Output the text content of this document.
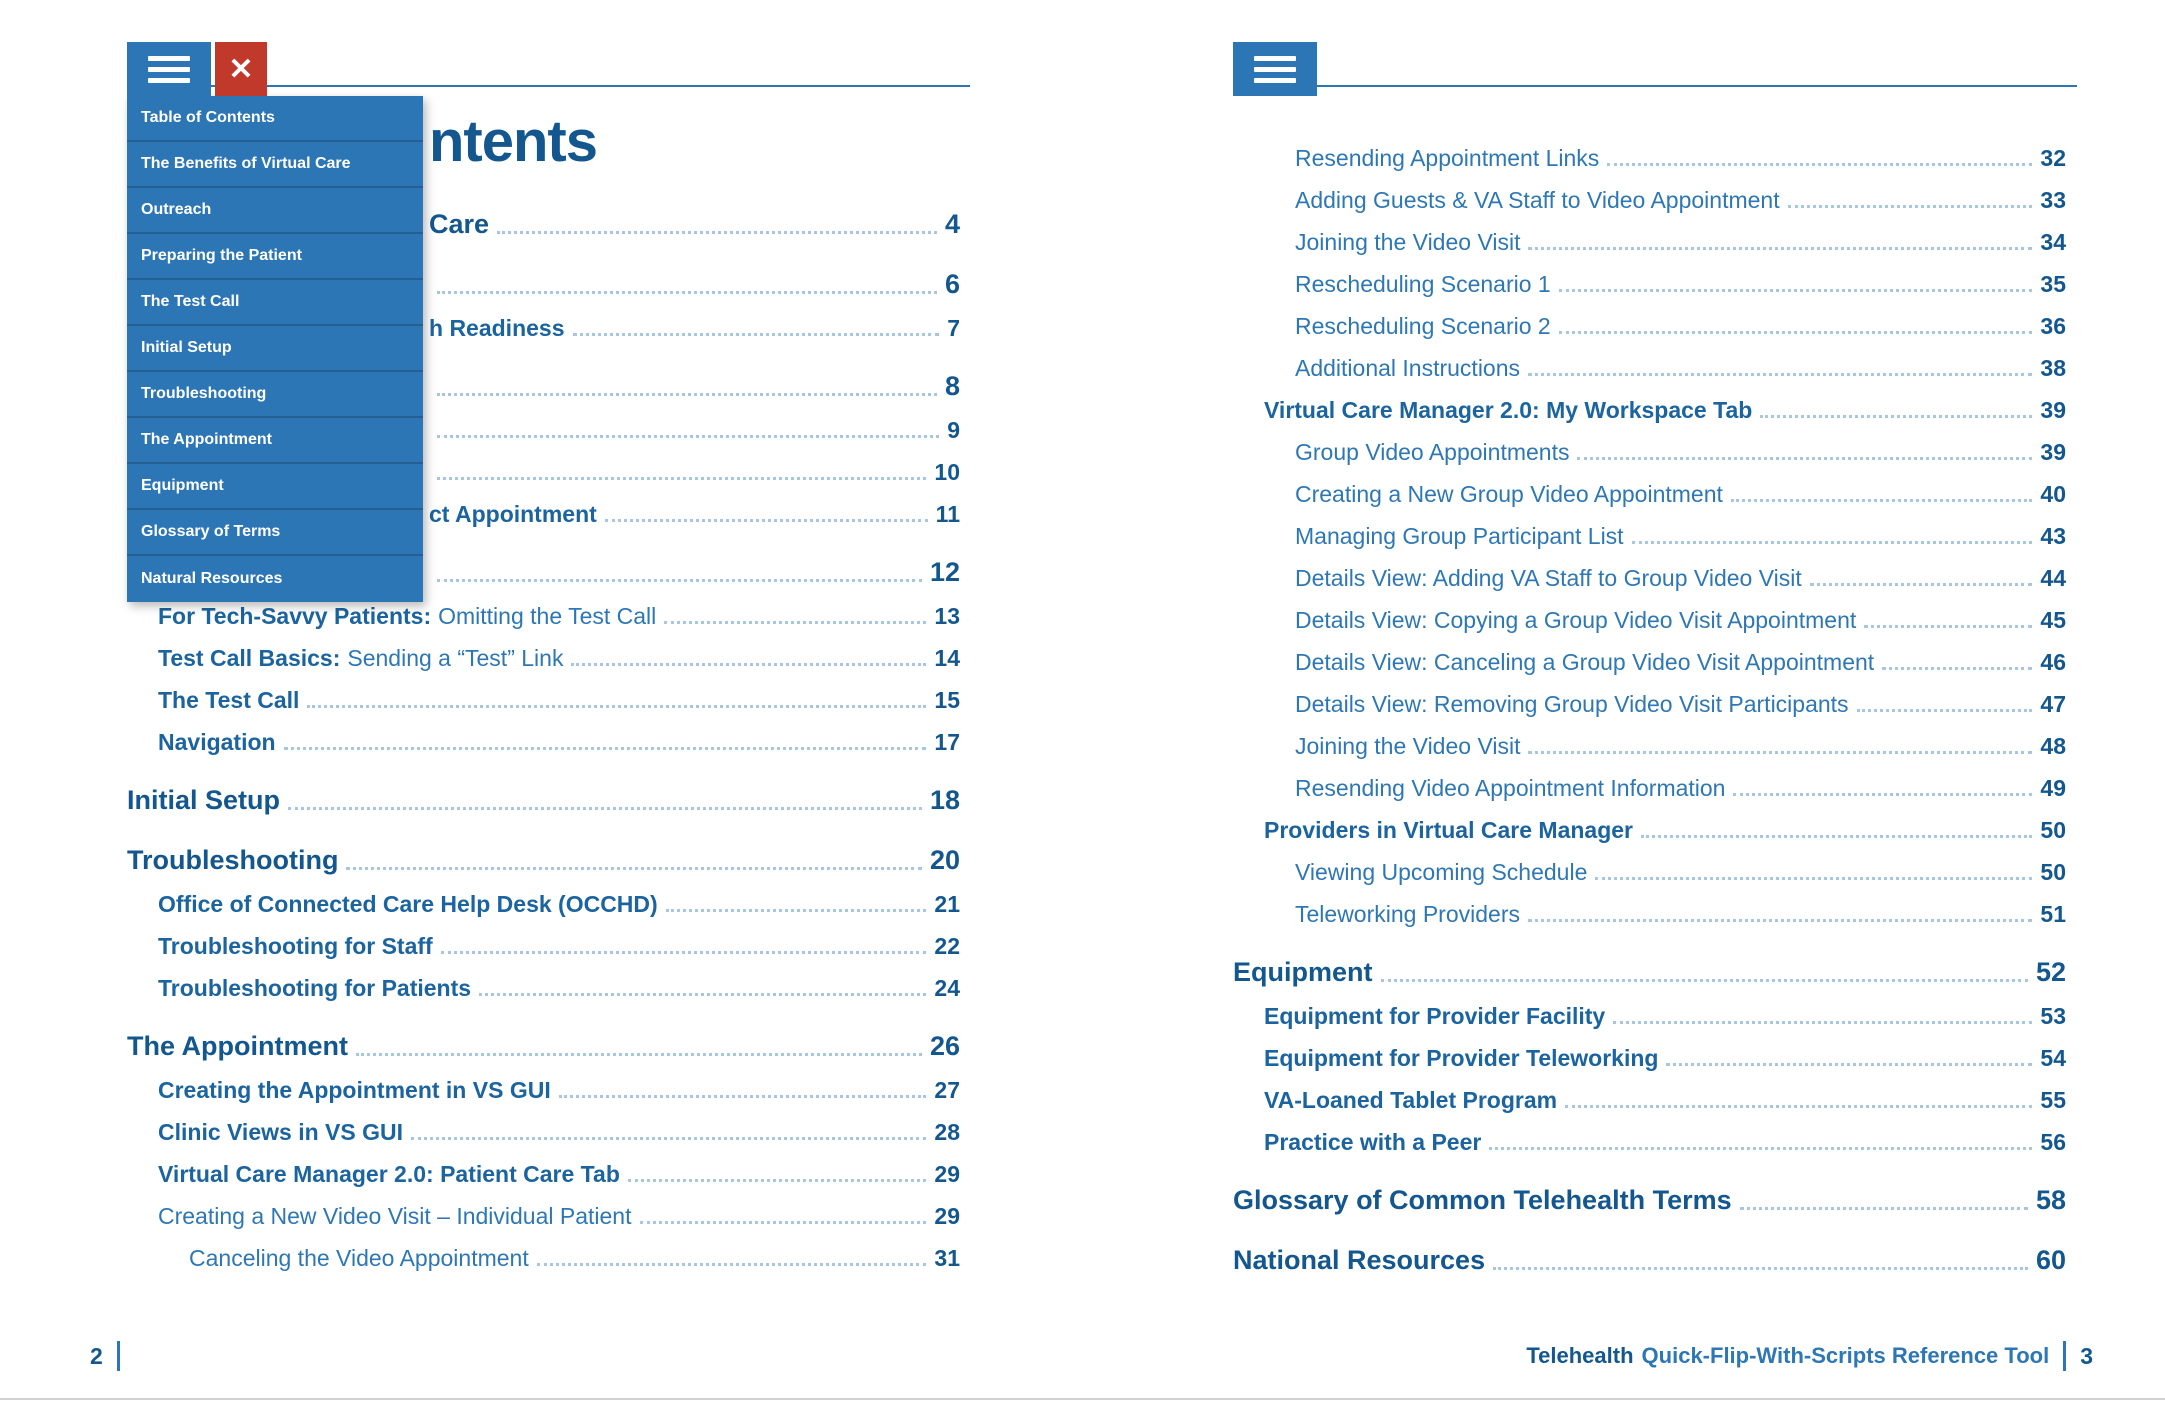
✕
ntents
Care	4
6
h Readiness	7
8
9
10
ct Appointment	11
12
For Tech-Savvy Patients: Omitting the Test Call	13
Test Call Basics: Sending a “Test” Link	14
The Test Call	15
Navigation	17
Initial Setup	18
Troubleshooting	20
Office of Connected Care Help Desk (OCCHD)	21
Troubleshooting for Staff	22
Troubleshooting for Patients	24
The Appointment	26
Creating the Appointment in VS GUI	27
Clinic Views in VS GUI	28
Virtual Care Manager 2.0: Patient Care Tab	29
Creating a New Video Visit – Individual Patient	29
Canceling the Video Appointment	31
Resending Appointment Links	32
Adding Guests & VA Staff to Video Appointment	33
Joining the Video Visit	34
Rescheduling Scenario 1	35
Rescheduling Scenario 2	36
Additional Instructions	38
Virtual Care Manager 2.0: My Workspace Tab	39
Group Video Appointments	39
Creating a New Group Video Appointment	40
Managing Group Participant List	43
Details View: Adding VA Staff to Group Video Visit	44
Details View: Copying a Group Video Visit Appointment	45
Details View: Canceling a Group Video Visit Appointment	46
Details View: Removing Group Video Visit Participants	47
Joining the Video Visit	48
Resending Video Appointment Information	49
Providers in Virtual Care Manager	50
Viewing Upcoming Schedule	50
Teleworking Providers	51
Equipment	52
Equipment for Provider Facility	53
Equipment for Provider Teleworking	54
VA-Loaned Tablet Program	55
Practice with a Peer	56
Glossary of Common Telehealth Terms	58
National Resources	60
Table of Contents
The Benefits of Virtual Care
Outreach
Preparing the Patient
The Test Call
Initial Setup
Troubleshooting
The Appointment
Equipment
Glossary of Terms
Natural Resources
2	Telehealth Quick-Flip-With-Scripts Reference Tool 3
